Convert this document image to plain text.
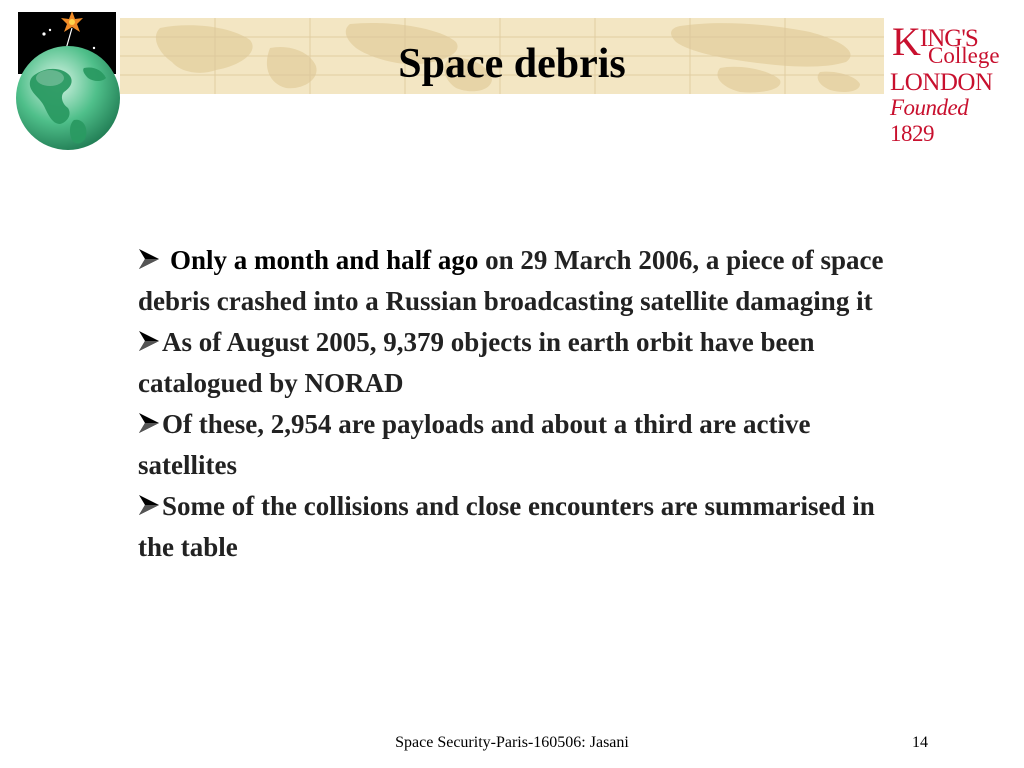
Space debris	$K^{ING'S}$
College
LONDON
Founded 1829

Only a month and half ago on 29 March 2006, a piece of space debris crashed into a Russian broadcasting satellite damaging it

As of August 2005, 9,379 objects in earth orbit have been catalogued by NORAD

Of these, 2,954 are payloads and about a third are active satellites

Some of the collisions and close encounters are summarised in the table

Space Security-Paris-160506: Jasani	14
